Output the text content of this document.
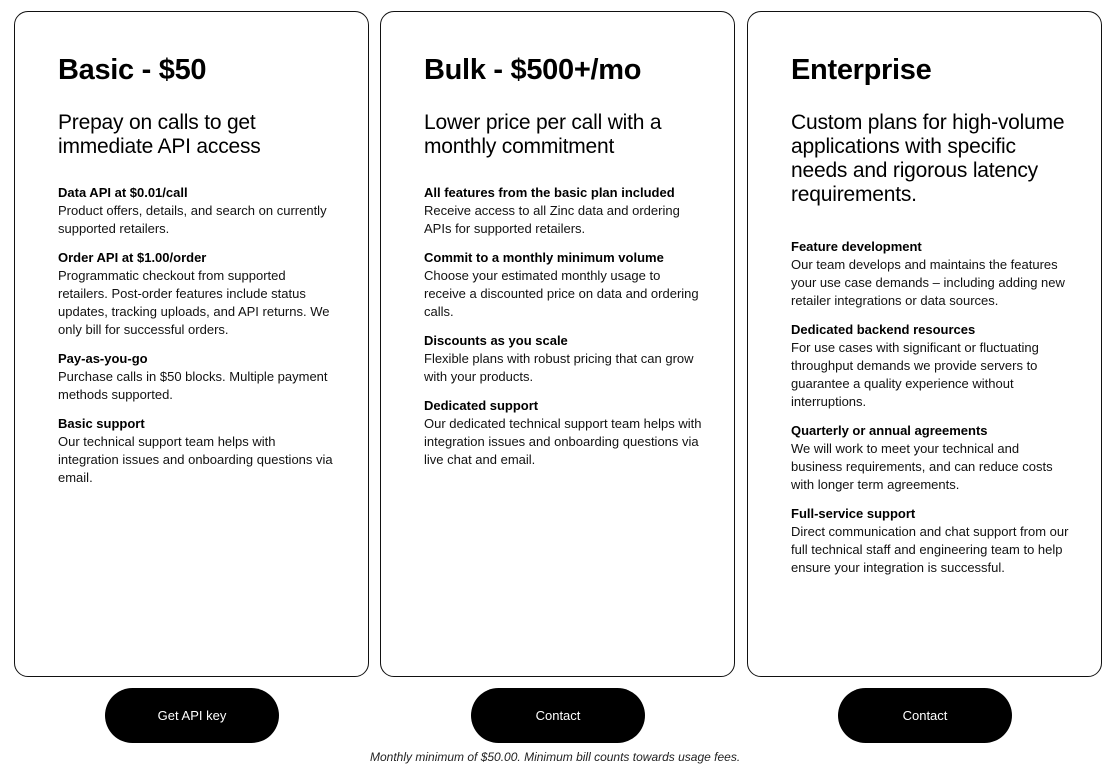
Basic - $50

Prepay on calls to get immediate API access

Data API at $0.01/call
Product offers, details, and search on currently supported retailers.
Order API at $1.00/order
Programmatic checkout from supported retailers. Post-order features include status updates, tracking uploads, and API returns. We only bill for successful orders.
Pay-as-you-go
Purchase calls in $50 blocks. Multiple payment methods supported.
Basic support
Our technical support team helps with integration issues and onboarding questions via email.
Bulk - $500+/mo

Lower price per call with a monthly commitment

All features from the basic plan included
Receive access to all Zinc data and ordering APIs for supported retailers.
Commit to a monthly minimum volume
Choose your estimated monthly usage to receive a discounted price on data and ordering calls.
Discounts as you scale
Flexible plans with robust pricing that can grow with your products.
Dedicated support
Our dedicated technical support team helps with integration issues and onboarding questions via live chat and email.
Enterprise

Custom plans for high-volume applications with specific needs and rigorous latency requirements.

Feature development
Our team develops and maintains the features your use case demands – including adding new retailer integrations or data sources.
Dedicated backend resources
For use cases with significant or fluctuating throughput demands we provide servers to guarantee a quality experience without interruptions.
Quarterly or annual agreements
We will work to meet your technical and business requirements, and can reduce costs with longer term agreements.
Full-service support
Direct communication and chat support from our full technical staff and engineering team to help ensure your integration is successful.
Get API key	Contact	Contact
Monthly minimum of $50.00. Minimum bill counts towards usage fees.
